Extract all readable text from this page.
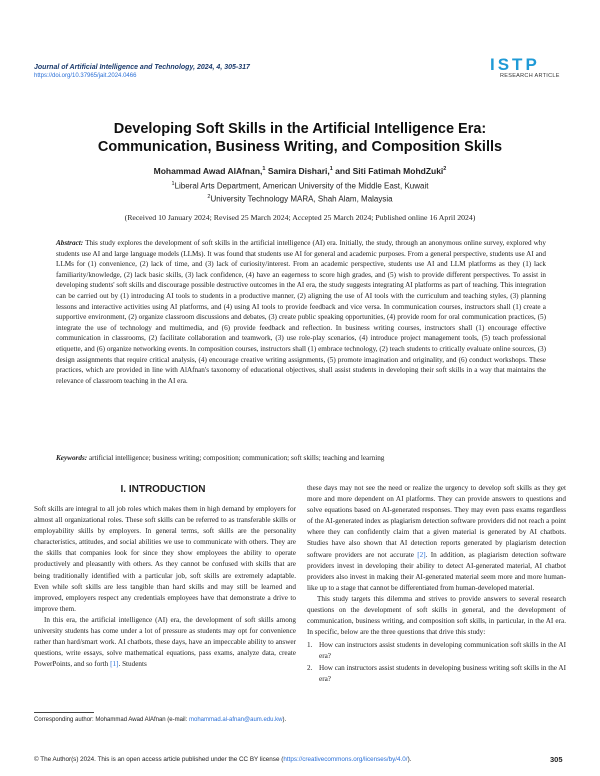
Journal of Artificial Intelligence and Technology, 2024, 4, 305-317
https://doi.org/10.37965/jait.2024.0466
ISTP
RESEARCH ARTICLE
Developing Soft Skills in the Artificial Intelligence Era:
Communication, Business Writing, and Composition Skills
Mohammad Awad AlAfnan,$^1$ Samira Dishari,$^1$ and Siti Fatimah MohdZuki$^2$
$^1$Liberal Arts Department, American University of the Middle East, Kuwait
$^2$University Technology MARA, Shah Alam, Malaysia
(Received 10 January 2024; Revised 25 March 2024; Accepted 25 March 2024; Published online 16 April 2024)
Abstract: This study explores the development of soft skills in the artificial intelligence (AI) era. Initially, the study, through an anonymous online survey, explored why students use AI and large language models (LLMs). It was found that students use AI for general and academic purposes. From a general perspective, students use AI and LLMs for (1) convenience, (2) lack of time, and (3) lack of curiosity/interest. From an academic perspective, students use AI and LLM platforms as they (1) lack familiarity/knowledge, (2) lack basic skills, (3) lack confidence, (4) have an eagerness to score high grades, and (5) wish to provide different perspectives. To assist in developing students' soft skills and discourage possible destructive outcomes in the AI era, the study suggests integrating AI platforms as part of teaching. This integration can be carried out by (1) introducing AI tools to students in a productive manner, (2) aligning the use of AI tools with the curriculum and teaching styles, (3) planning lessons and interactive activities using AI platforms, and (4) using AI tools to provide feedback and vice versa. In communication courses, instructors shall (1) create a supportive environment, (2) organize classroom discussions and debates, (3) create public speaking opportunities, (4) provide room for oral communication practices, (5) integrate the use of technology and multimedia, and (6) provide feedback and reflection. In business writing courses, instructors shall (1) encourage effective communication in classrooms, (2) facilitate collaboration and teamwork, (3) use role-play scenarios, (4) introduce project management tools, (5) teach professional etiquette, and (6) organize networking events. In composition courses, instructors shall (1) embrace technology, (2) teach students to critically evaluate online sources, (3) design assignments that require critical analysis, (4) encourage creative writing assignments, (5) promote imagination and originality, and (6) conduct workshops. These practices, which are provided in line with AlAfnan's taxonomy of educational objectives, shall assist students in developing their soft skills in a way that maintains the relevance of classroom teaching in the AI era.
Keywords: artificial intelligence; business writing; composition; communication; soft skills; teaching and learning
I. INTRODUCTION

Soft skills are integral to all job roles which makes them in high demand by employers for almost all organizational roles. These soft skills can be referred to as transferable skills or employability skills by employers. In general terms, soft skills are the personality characteristics, attitudes, and social abilities we use to communicate with others. They are the skills that companies look for since they show employees the ability to operate productively and pleasantly with others. As they cannot be confused with skills that are being traditionally identified with a particular job, soft skills are extremely adaptable. Even while soft skills are less tangible than hard skills and may still be learned and improved, employers respect any credentials employees have that demonstrate a drive to improve them.

In this era, the artificial intelligence (AI) era, the development of soft skills among university students has come under a lot of pressure as students may opt for convenience rather than hard/smart work. AI chatbots, these days, have an impeccable ability to answer questions, write essays, solve mathematical equations, pass exams, analyze data, create PowerPoints, and so forth [1]. Students

these days may not see the need or realize the urgency to develop soft skills as they get more and more dependent on AI platforms. They can provide answers to questions and solve equations based on AI-generated responses. They may even pass exams regardless of the AI-generated index as plagiarism detection software providers did not reach a point where they can confidently claim that a given material is generated by AI chatbots. Studies have also shown that AI detection reports generated by plagiarism detection software providers are not accurate [2]. In addition, as plagiarism detection software providers invest in developing their ability to detect AI-generated material, AI chatbot providers also invest in making their AI-generated material seem more and more human-like up to a stage that cannot be differentiated from human-developed material.

This study targets this dilemma and strives to provide answers to several research questions on the development of soft skills in general, and the development of communication, business writing, and composition soft skills, in particular, in the AI era. In specific, below are the three questions that drive this study:

1. How can instructors assist students in developing communication soft skills in the AI era?
2. How can instructors assist students in developing business writing soft skills in the AI era?
Corresponding author: Mohammad Awad AlAfnan (e-mail: mohammad.al-afnan@aum.edu.kw).
© The Author(s) 2024. This is an open access article published under the CC BY license (https://creativecommons.org/licenses/by/4.0/).	305
